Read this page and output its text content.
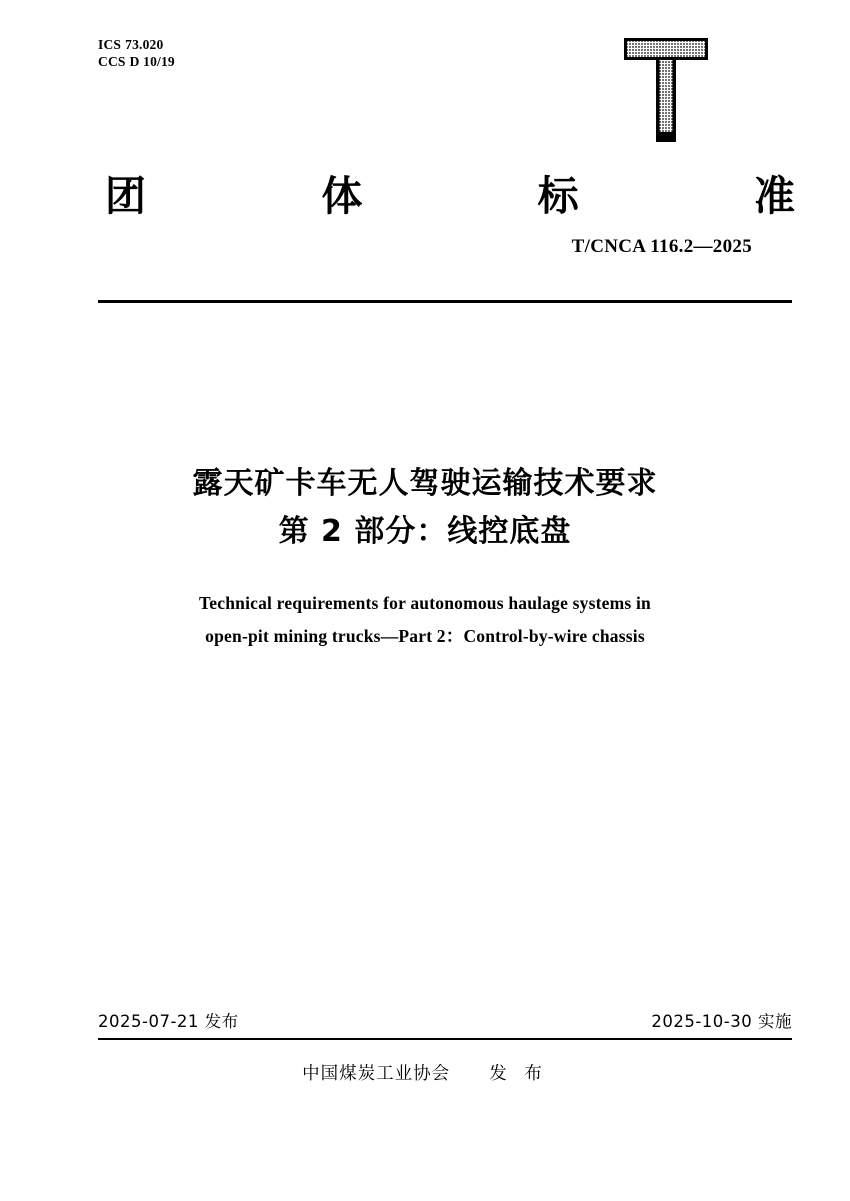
ICS 73.020
CCS D 10/19
团	体	标	准
T/CNCA 116.2—2025
露天矿卡车无人驾驶运输技术要求
第 2 部分：线控底盘
Technical requirements for autonomous haulage systems in
open‐pit mining trucks—Part 2：Control‐by‐wire chassis
2025-07-21 发布	2025-10-30 实施
中国煤炭工业协会 发 布
